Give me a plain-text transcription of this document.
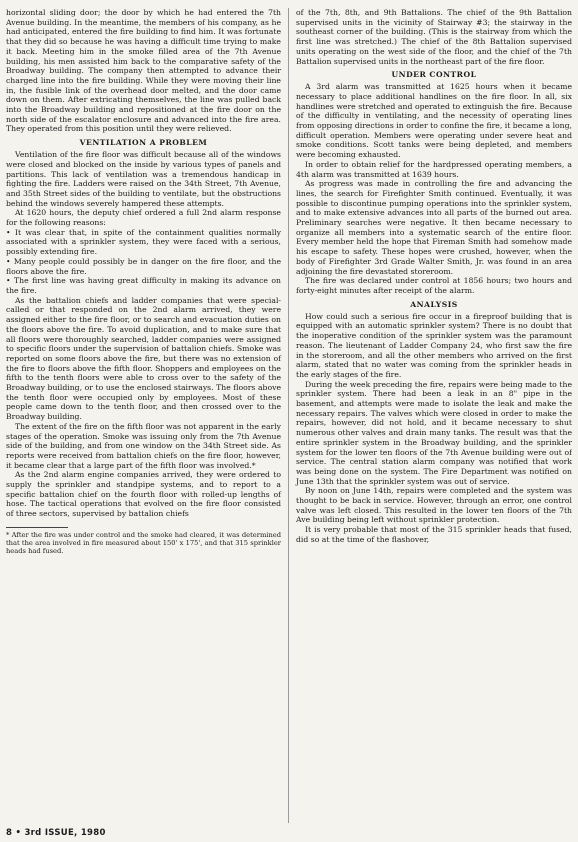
horizontal sliding door; the door by which he had entered the 7th Avenue building. In the meantime, the members of his company, as he had anticipated, entered the fire building to find him. It was fortunate that they did so because he was having a difficult time trying to make it back. Meeting him in the smoke filled area of the 7th Avenue building, his men assisted him back to the comparative safety of the Broadway building. The company then attempted to advance their charged line into the fire building. While they were moving their line in, the fusible link of the overhead door melted, and the door came down on them. After extricating themselves, the line was pulled back into the Broadway building and repositioned at the fire door on the north side of the escalator enclosure and advanced into the fire area. They operated from this position until they were relieved.

VENTILATION A PROBLEM

Ventilation of the fire floor was difficult because all of the windows were closed and blocked on the inside by various types of panels and partitions. This lack of ventilation was a tremendous handicap in fighting the fire. Ladders were raised on the 34th Street, 7th Avenue, and 35th Street sides of the building to ventilate, but the obstructions behind the windows severely hampered these attempts.

At 1620 hours, the deputy chief ordered a full 2nd alarm response for the following reasons:

• It was clear that, in spite of the containment qualities normally associated with a sprinkler system, they were faced with a serious, possibly extending fire.

• Many people could possibly be in danger on the fire floor, and the floors above the fire.

• The first line was having great difficulty in making its advance on the fire.

As the battalion chiefs and ladder companies that were special-called or that responded on the 2nd alarm arrived, they were assigned either to the fire floor, or to search and evacuation duties on the floors above the fire. To avoid duplication, and to make sure that all floors were thoroughly searched, ladder companies were assigned to specific floors under the supervision of battalion chiefs. Smoke was reported on some floors above the fire, but there was no extension of the fire to floors above the fifth floor. Shoppers and employees on the fifth to the tenth floors were able to cross over to the safety of the Broadway building, or to use the enclosed stairways. The floors above the tenth floor were occupied only by employees. Most of these people came down to the tenth floor, and then crossed over to the Broadway building.

The extent of the fire on the fifth floor was not apparent in the early stages of the operation. Smoke was issuing only from the 7th Avenue side of the building, and from one window on the 34th Street side. As reports were received from battalion chiefs on the fire floor, however, it became clear that a large part of the fifth floor was involved.*

As the 2nd alarm engine companies arrived, they were ordered to supply the sprinkler and standpipe systems, and to report to a specific battalion chief on the fourth floor with rolled-up lengths of hose. The tactical operations that evolved on the fire floor consisted of three sectors, supervised by battalion chiefs

* After the fire was under control and the smoke had cleared, it was determined that the area involved in fire measured about 150' x 175', and that 315 sprinkler heads had fused.

of the 7th, 8th, and 9th Battalions. The chief of the 9th Battalion supervised units in the vicinity of Stairway #3; the stairway in the southeast corner of the building. (This is the stairway from which the first line was stretched.) The chief of the 8th Battalion supervised units operating on the west side of the floor, and the chief of the 7th Battalion supervised units in the northeast part of the fire floor.

UNDER CONTROL

A 3rd alarm was transmitted at 1625 hours when it became necessary to place additional handlines on the fire floor. In all, six handlines were stretched and operated to extinguish the fire. Because of the difficulty in ventilating, and the necessity of operating lines from opposing directions in order to confine the fire, it became a long, difficult operation. Members were operating under severe heat and smoke conditions. Scott tanks were being depleted, and members were becoming exhausted.

In order to obtain relief for the hardpressed operating members, a 4th alarm was transmitted at 1639 hours.

As progress was made in controlling the fire and advancing the lines, the search for Firefighter Smith continued. Eventually, it was possible to discontinue pumping operations into the sprinkler system, and to make extensive advances into all parts of the burned out area. Preliminary searches were negative. It then became necessary to organize all members into a systematic search of the entire floor. Every member held the hope that Fireman Smith had somehow made his escape to safety. These hopes were crushed, however, when the body of Firefighter 3rd Grade Walter Smith, Jr. was found in an area adjoining the fire devastated storeroom.

The fire was declared under control at 1856 hours; two hours and forty-eight minutes after receipt of the alarm.

ANALYSIS

How could such a serious fire occur in a fireproof building that is equipped with an automatic sprinkler system? There is no doubt that the inoperative condition of the sprinkler system was the paramount reason. The lieutenant of Ladder Company 24, who first saw the fire in the storeroom, and all the other members who arrived on the first alarm, stated that no water was coming from the sprinkler heads in the early stages of the fire.

During the week preceding the fire, repairs were being made to the sprinkler system. There had been a leak in an 8" pipe in the basement, and attempts were made to isolate the leak and make the necessary repairs. The valves which were closed in order to make the repairs, however, did not hold, and it became necessary to shut numerous other valves and drain many tanks. The result was that the entire sprinkler system in the Broadway building, and the sprinkler system for the lower ten floors of the 7th Avenue building were out of service. The central station alarm company was notified that work was being done on the system. The Fire Department was notified on June 13th that the sprinkler system was out of service.

By noon on June 14th, repairs were completed and the system was thought to be back in service. However, through an error, one control valve was left closed. This resulted in the lower ten floors of the 7th Ave building being left without sprinkler protection.

It is very probable that most of the 315 sprinkler heads that fused, did so at the time of the flashover,

8 • 3rd ISSUE, 1980
